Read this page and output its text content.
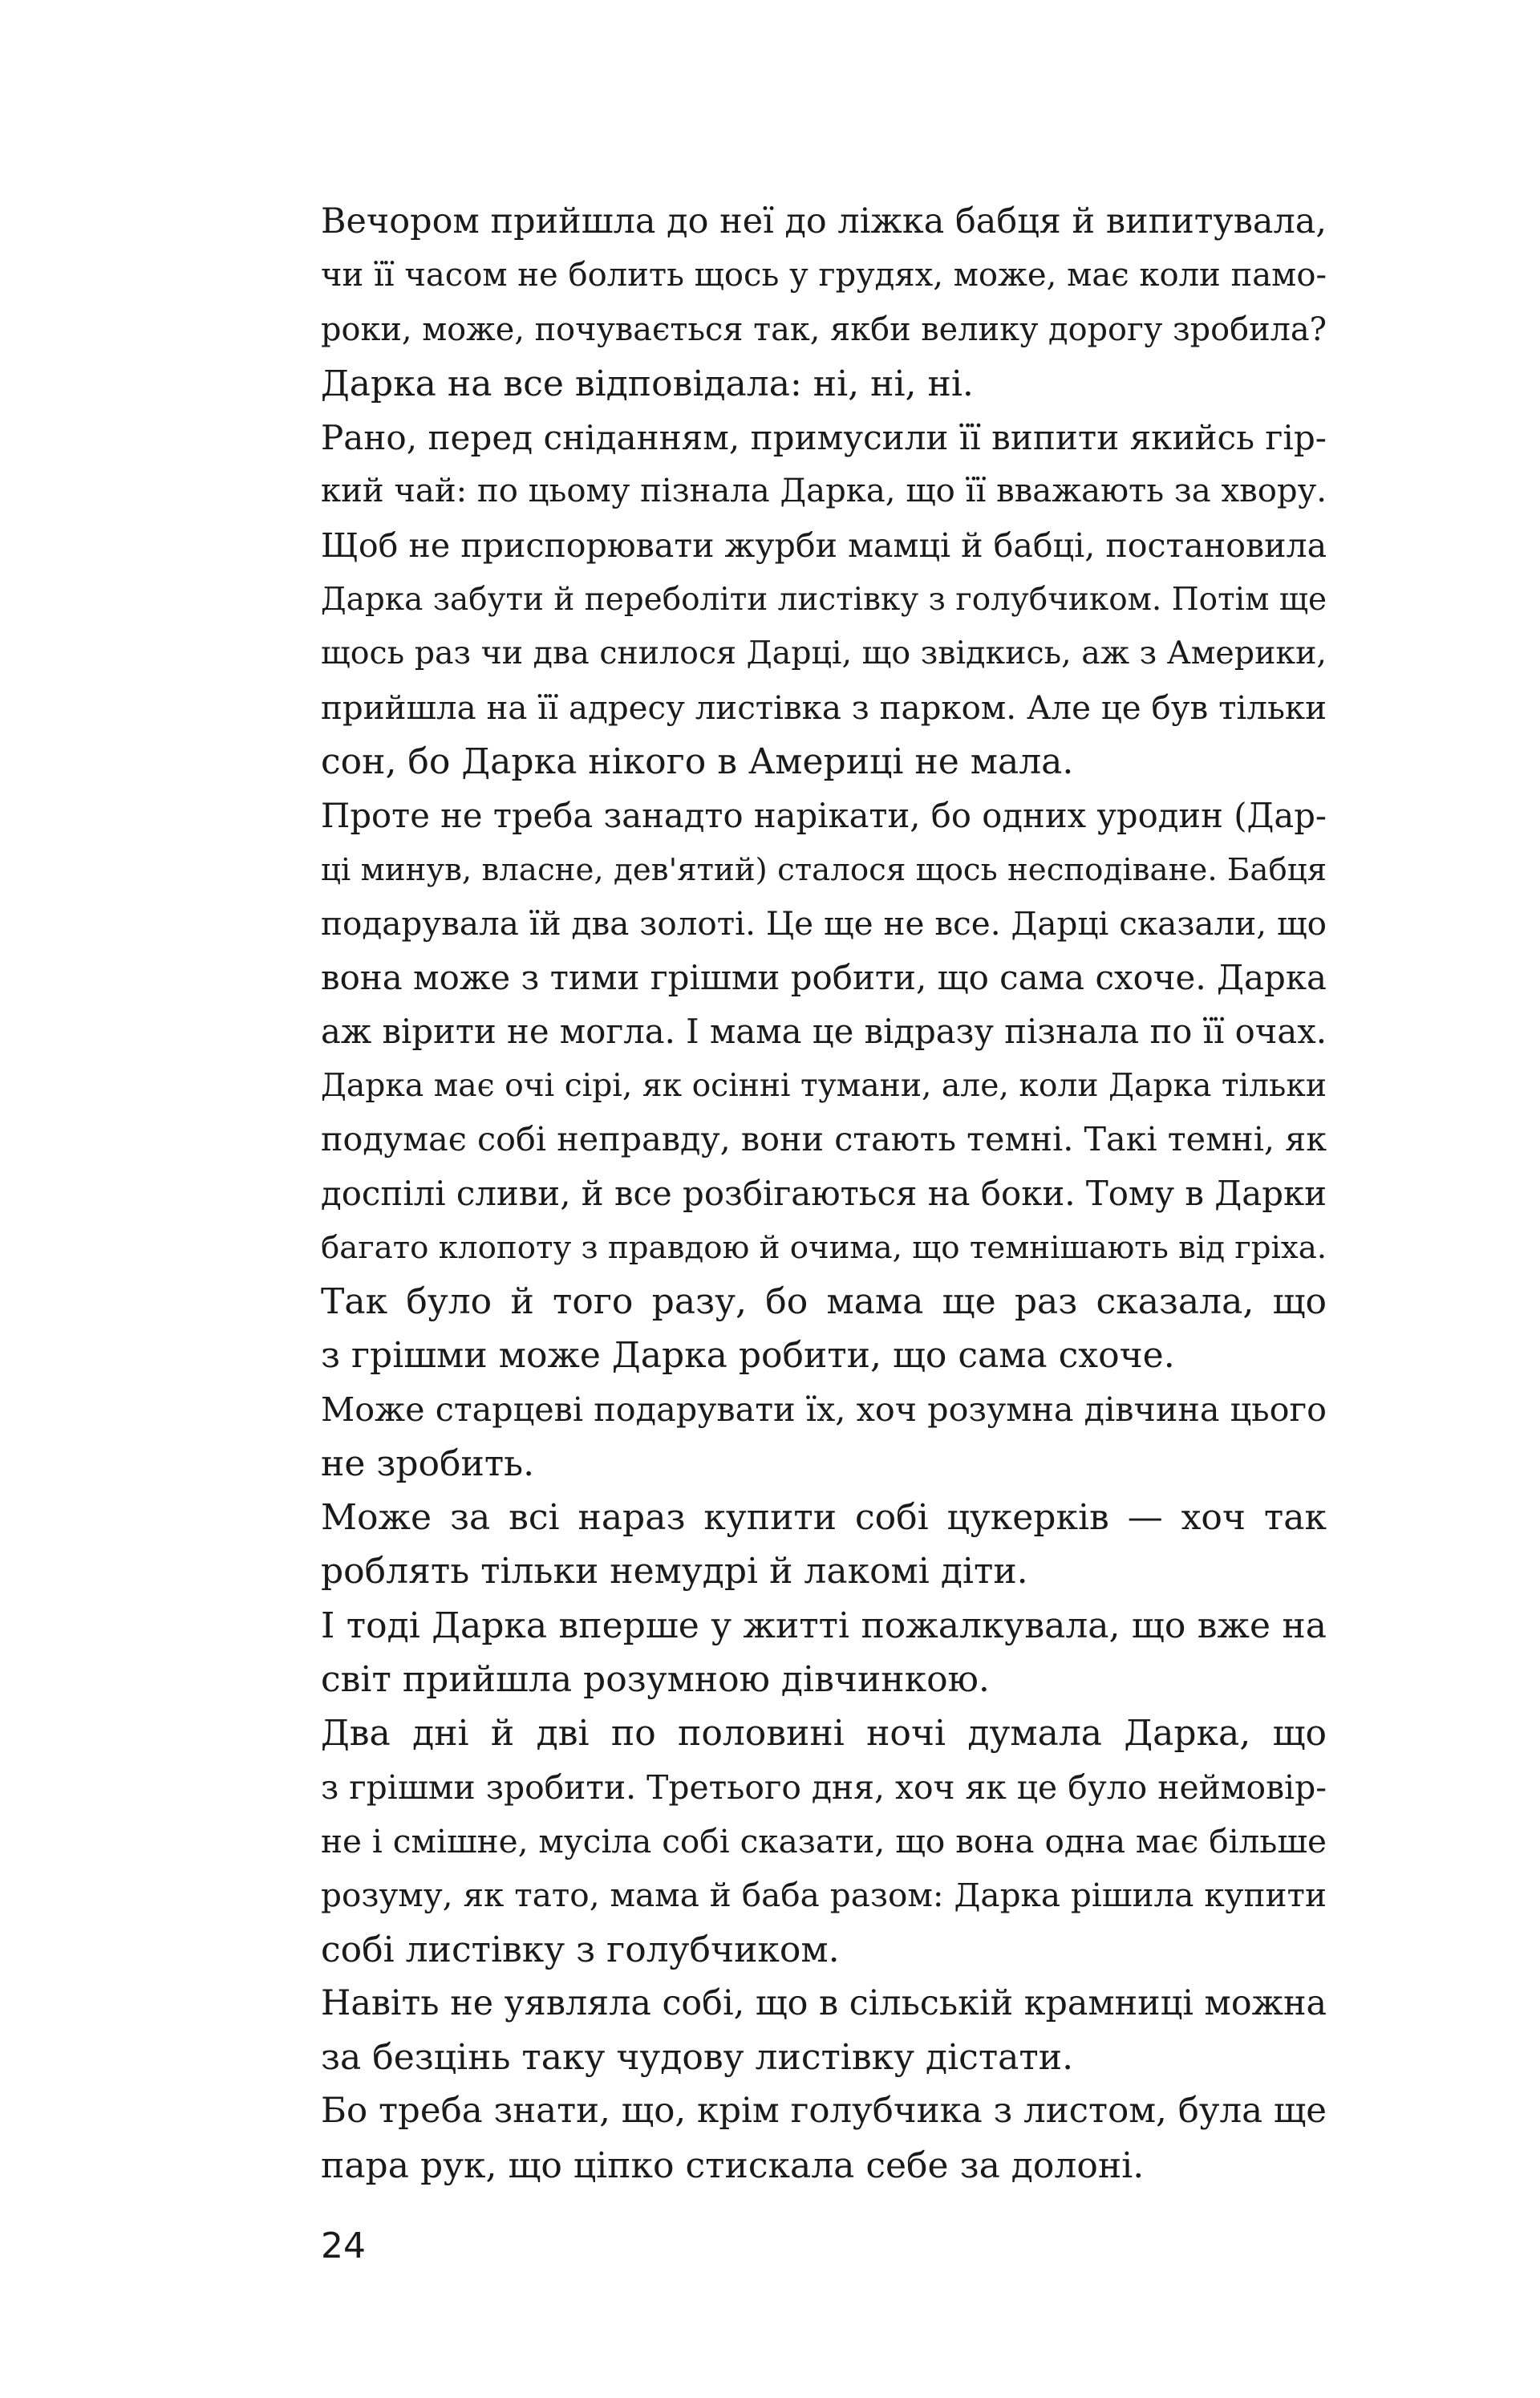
Вечором прийшла до неї до ліжка бабця й випитувала,
чи її часом не болить щось у грудях, може, має коли памо-
роки, може, почувається так, якби велику дорогу зробила?
Дарка на все відповідала: ні, ні, ні.
Рано, перед сніданням, примусили її випити якийсь гір-
кий чай: по цьому пізнала Дарка, що її вважають за хвору.
Щоб не приспорювати журби мамці й бабці, постановила
Дарка забути й переболіти листівку з голубчиком. Потім ще
щось раз чи два снилося Дарці, що звідкись, аж з Америки,
прийшла на її адресу листівка з парком. Але це був тільки
сон, бо Дарка нікого в Америці не мала.
Проте не треба занадто нарікати, бо одних уродин (Дар-
ці минув, власне, дев'ятий) сталося щось несподіване. Бабця
подарувала їй два золоті. Це ще не все. Дарці сказали, що
вона може з тими грішми робити, що сама схоче. Дарка
аж вірити не могла. І мама це відразу пізнала по її очах.
Дарка має очі сірі, як осінні тумани, але, коли Дарка тільки
подумає собі неправду, вони стають темні. Такі темні, як
доспілі сливи, й все розбігаються на боки. Тому в Дарки
багато клопоту з правдою й очима, що темнішають від гріха.
Так було й того разу, бо мама ще раз сказала, що
з грішми може Дарка робити, що сама схоче.
Може старцеві подарувати їх, хоч розумна дівчина цього
не зробить.
Може за всі нараз купити собі цукерків — хоч так
роблять тільки немудрі й лакомі діти.
І тоді Дарка вперше у житті пожалкувала, що вже на
світ прийшла розумною дівчинкою.
Два дні й дві по половині ночі думала Дарка, що
з грішми зробити. Третього дня, хоч як це було неймовір-
не і смішне, мусіла собі сказати, що вона одна має більше
розуму, як тато, мама й баба разом: Дарка рішила купити
собі листівку з голубчиком.
Навіть не уявляла собі, що в сільській крамниці можна
за безцінь таку чудову листівку дістати.
Бо треба знати, що, крім голубчика з листом, була ще
пара рук, що ціпко стискала себе за долоні.
24
